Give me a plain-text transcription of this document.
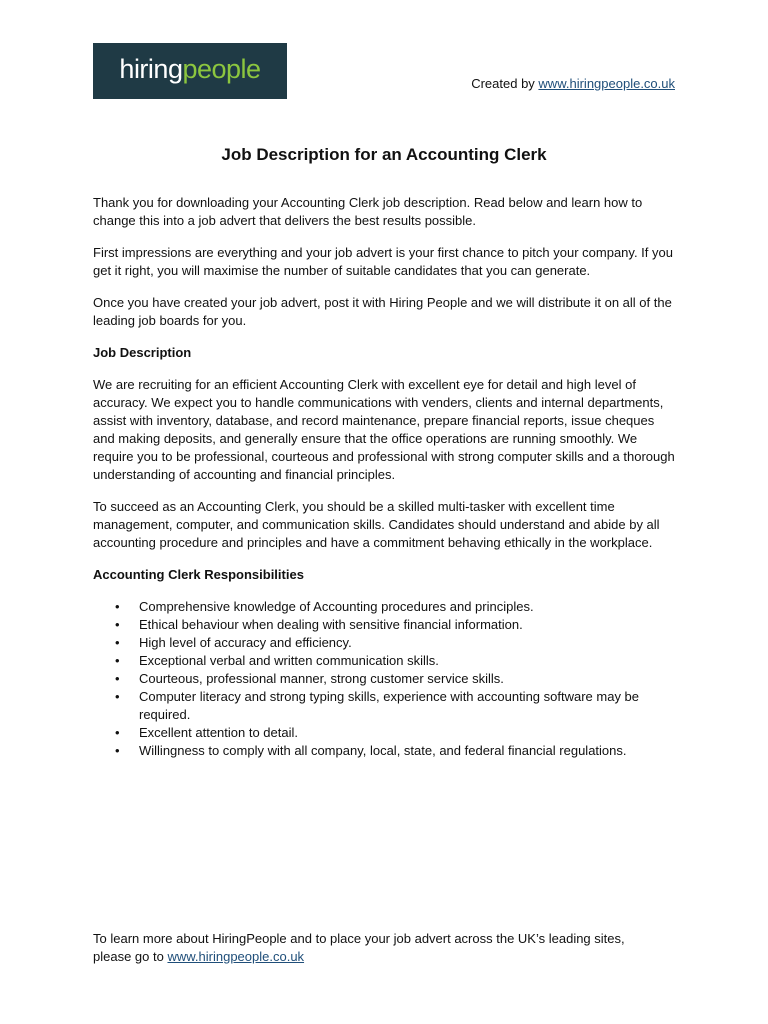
hiringpeople	Created by www.hiringpeople.co.uk
Job Description for an Accounting Clerk

Thank you for downloading your Accounting Clerk job description. Read below and learn how to change this into a job advert that delivers the best results possible.

First impressions are everything and your job advert is your first chance to pitch your company. If you get it right, you will maximise the number of suitable candidates that you can generate.

Once you have created your job advert, post it with Hiring People and we will distribute it on all of the leading job boards for you.

Job Description

We are recruiting for an efficient Accounting Clerk with excellent eye for detail and high level of accuracy. We expect you to handle communications with venders, clients and internal departments, assist with inventory, database, and record maintenance, prepare financial reports, issue cheques and making deposits, and generally ensure that the office operations are running smoothly. We require you to be professional, courteous and professional with strong computer skills and a thorough understanding of accounting and financial principles.

To succeed as an Accounting Clerk, you should be a skilled multi-tasker with excellent time management, computer, and communication skills. Candidates should understand and abide by all accounting procedure and principles and have a commitment behaving ethically in the workplace.

Accounting Clerk Responsibilities
• Comprehensive knowledge of Accounting procedures and principles.
• Ethical behaviour when dealing with sensitive financial information.
• High level of accuracy and efficiency.
• Exceptional verbal and written communication skills.
• Courteous, professional manner, strong customer service skills.
• Computer literacy and strong typing skills, experience with accounting software may be required.
• Excellent attention to detail.
• Willingness to comply with all company, local, state, and federal financial regulations.
To learn more about HiringPeople and to place your job advert across the UK’s leading sites,
please go to www.hiringpeople.co.uk
